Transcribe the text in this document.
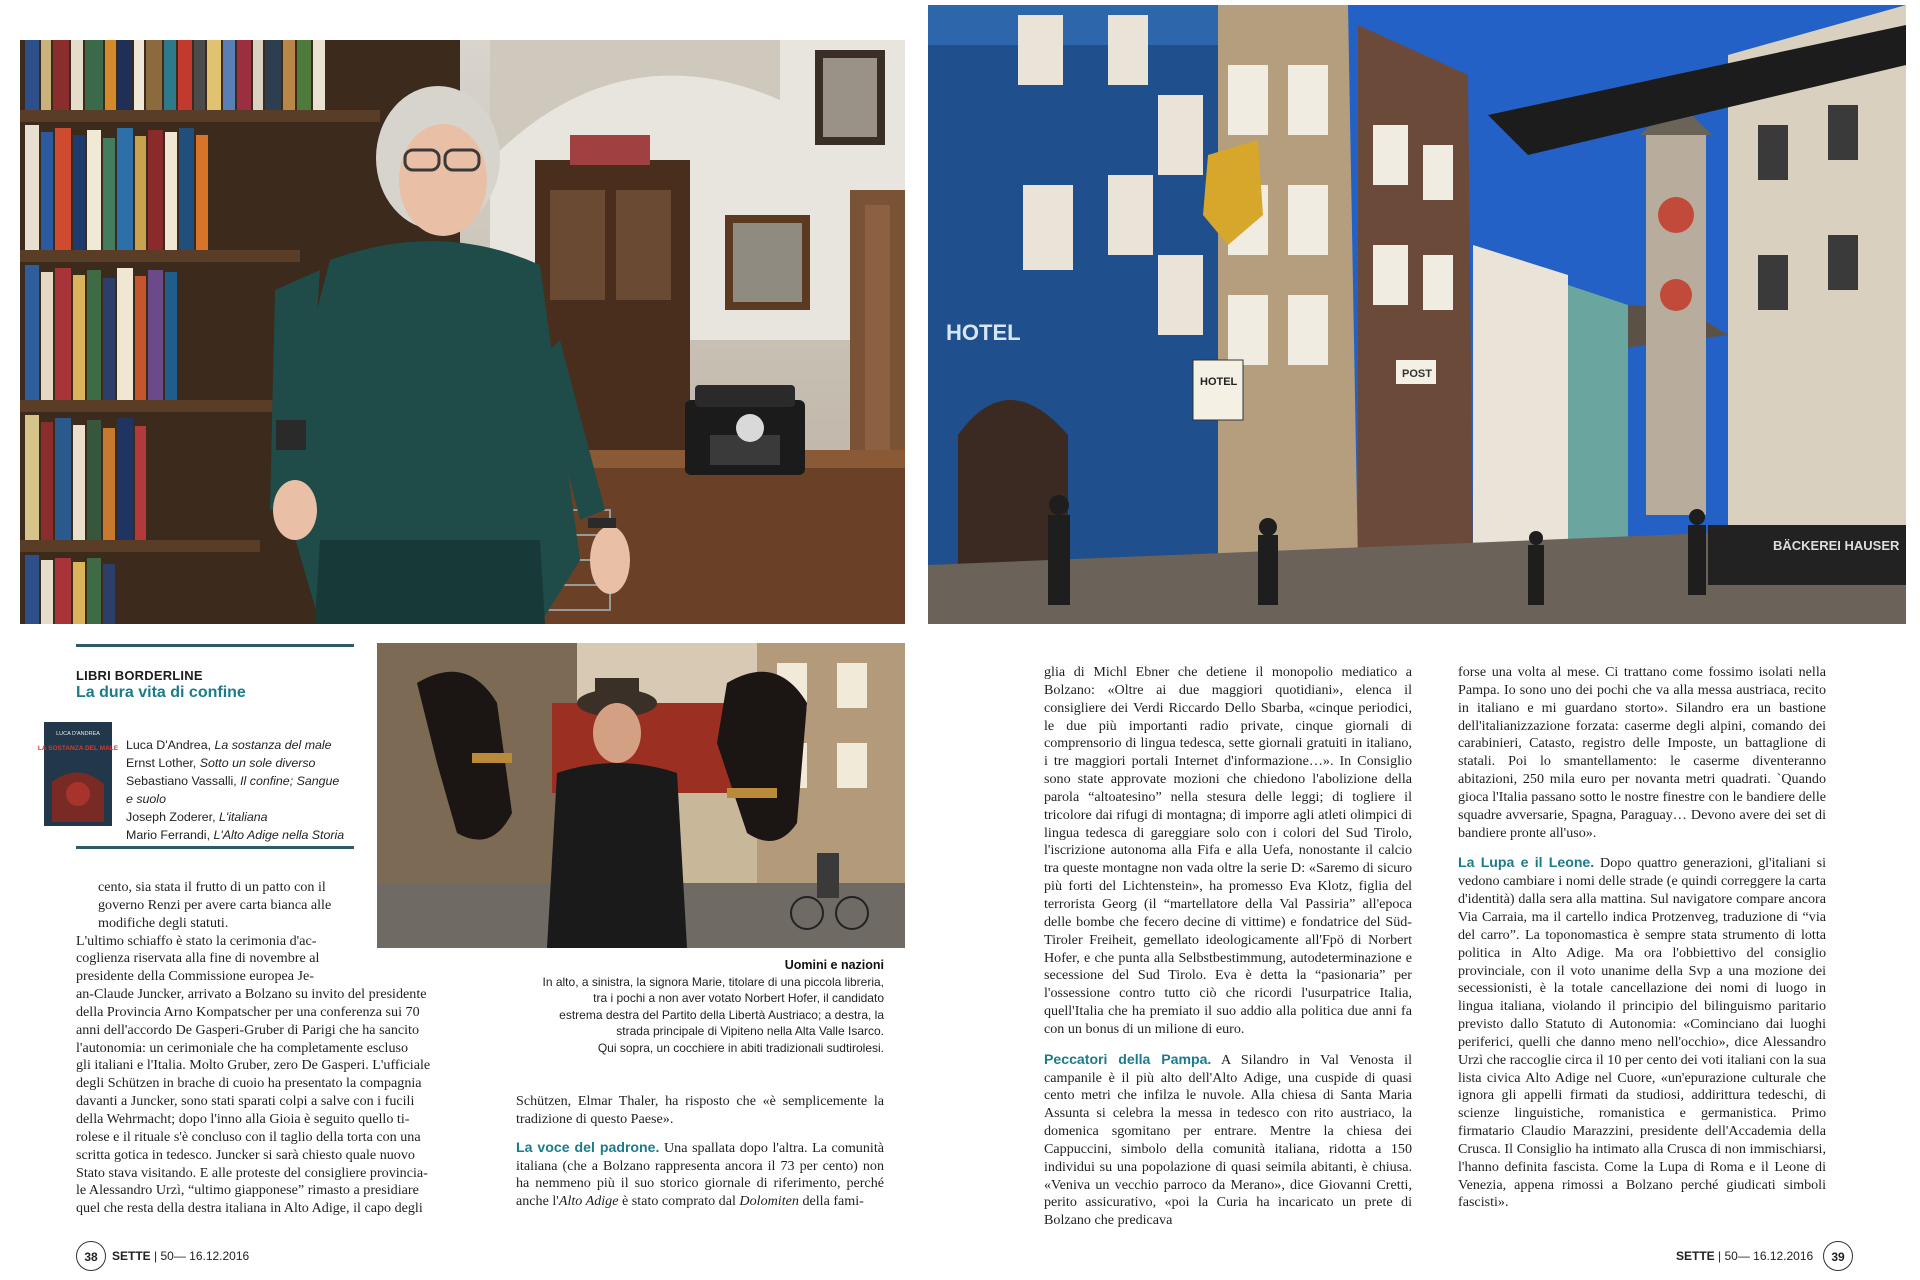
HOTEL
HOTEL
POST
BÄCKEREI HAUSER
LIBRI BORDERLINE
La dura vita di confine
LUCA D'ANDREA
LA SOSTANZA DEL MALE Luca D'Andrea, La sostanza del male

Ernst Lother, Sotto un sole diverso

Sebastiano Vassalli, Il confine; Sangue e suolo

Joseph Zoderer, L'italiana

Mario Ferrandi, L'Alto Adige nella Storia

cento, sia stata il frutto di un patto con il
governo Renzi per avere carta bianca alle
modifiche degli statuti.
L'ultimo schiaffo è stato la cerimonia d'ac-
coglienza riservata alla fine di novembre al
presidente della Commissione europea Je-
an-Claude Juncker, arrivato a Bolzano su invito del presidente
della Provincia Arno Kompatscher per una conferenza sui 70
anni dell'accordo De Gasperi-Gruber di Parigi che ha sancito
l'autonomia: un cerimoniale che ha completamente escluso
gli italiani e l'Italia. Molto Gruber, zero De Gasperi. L'ufficiale
degli Schützen in brache di cuoio ha presentato la compagnia
davanti a Juncker, sono stati sparati colpi a salve con i fucili
della Wehrmacht; dopo l'inno alla Gioia è seguito quello ti-
rolese e il rituale s'è concluso con il taglio della torta con una
scritta gotica in tedesco. Juncker si sarà chiesto quale nuovo
Stato stava visitando. E alle proteste del consigliere provincia-
le Alessandro Urzì, “ultimo giapponese” rimasto a presidiare
quel che resta della destra italiana in Alto Adige, il capo degli
Uomini e nazioni
In alto, a sinistra, la signora Marie, titolare di una piccola libreria,
tra i pochi a non aver votato Norbert Hofer, il candidato
estrema destra del Partito della Libertà Austriaco; a destra, la
strada principale di Vipiteno nella Alta Valle Isarco.
Qui sopra, un cocchiere in abiti tradizionali sudtirolesi.

Schützen, Elmar Thaler, ha risposto che «è semplicemente la tradizione di questo Paese».

La voce del padrone. Una spallata dopo l'altra. La comunità italiana (che a Bolzano rappresenta ancora il 73 per cento) non ha nemmeno più il suo storico giornale di riferimento, perché anche l'Alto Adige è stato comprato dal Dolomiten della fami-

glia di Michl Ebner che detiene il monopolio mediatico a Bolzano: «Oltre ai due maggiori quotidiani», elenca il consigliere dei Verdi Riccardo Dello Sbarba, «cinque periodici, le due più importanti radio private, cinque giornali di comprensorio di lingua tedesca, sette giornali gratuiti in italiano, i tre maggiori portali Internet d'informazione…». In Consiglio sono state approvate mozioni che chiedono l'abolizione della parola “altoatesino” nella stesura delle leggi; di togliere il tricolore dai rifugi di montagna; di imporre agli atleti olimpici di lingua tedesca di gareggiare solo con i colori del Sud Tirolo, l'iscrizione autonoma alla Fifa e alla Uefa, nonostante il calcio tra queste montagne non vada oltre la serie D: «Saremo di sicuro più forti del Lichtenstein», ha promesso Eva Klotz, figlia del terrorista Georg (il “martellatore della Val Passiria” all'epoca delle bombe che fecero decine di vittime) e fondatrice del Süd-Tiroler Freiheit, gemellato ideologicamente all'Fpö di Norbert Hofer, e che punta alla Selbstbestimmung, autodeterminazione e secessione del Sud Tirolo. Eva è detta la “pasionaria” per l'ossessione contro tutto ciò che ricordi l'usurpatrice Italia, quell'Italia che ha premiato il suo addio alla politica due anni fa con un bonus di un milione di euro.

Peccatori della Pampa. A Silandro in Val Venosta il campanile è il più alto dell'Alto Adige, una cuspide di quasi cento metri che infilza le nuvole. Alla chiesa di Santa Maria Assunta si celebra la messa in tedesco con rito austriaco, la domenica sgomitano per entrare. Mentre la chiesa dei Cappuccini, simbolo della comunità italiana, ridotta a 150 individui su una popolazione di quasi seimila abitanti, è chiusa. «Veniva un vecchio parroco da Merano», dice Giovanni Cretti, perito assicurativo, «poi la Curia ha incaricato un prete di Bolzano che predicava

forse una volta al mese. Ci trattano come fossimo isolati nella Pampa. Io sono uno dei pochi che va alla messa austriaca, recito in italiano e mi guardano storto». Silandro era un bastione dell'italianizzazione forzata: caserme degli alpini, comando dei carabinieri, Catasto, registro delle Imposte, un battaglione di statali. Poi lo smantellamento: le caserme diventeranno abitazioni, 250 mila euro per novanta metri quadrati. `Quando gioca l'Italia passano sotto le nostre finestre con le bandiere delle squadre avversarie, Spagna, Paraguay… Devono avere dei set di bandiere pronte all'uso».

La Lupa e il Leone. Dopo quattro generazioni, gl'italiani si vedono cambiare i nomi delle strade (e quindi correggere la carta d'identità) dalla sera alla mattina. Sul navigatore compare ancora Via Carraia, ma il cartello indica Protzenveg, traduzione di “via del carro”. La toponomastica è sempre stata strumento di lotta politica in Alto Adige. Ma ora l'obbiettivo del consiglio provinciale, con il voto unanime della Svp a una mozione dei secessionisti, è la totale cancellazione dei nomi di luogo in lingua italiana, violando il principio del bilinguismo paritario previsto dallo Statuto di Autonomia: «Cominciano dai luoghi periferici, quelli che danno meno nell'occhio», dice Alessandro Urzì che raccoglie circa il 10 per cento dei voti italiani con la sua lista civica Alto Adige nel Cuore, «un'epurazione culturale che ignora gli appelli firmati da studiosi, addirittura tedeschi, di scienze linguistiche, romanistica e germanistica. Primo firmatario Claudio Marazzini, presidente dell'Accademia della Crusca. Il Consiglio ha intimato alla Crusca di non immischiarsi, l'hanno definita fascista. Come la Lupa di Roma e il Leone di Venezia, appena rimossi a Bolzano perché giudicati simboli fascisti».

38	SETTE | 50— 16.12.2016	SETTE | 50— 16.12.2016	39
